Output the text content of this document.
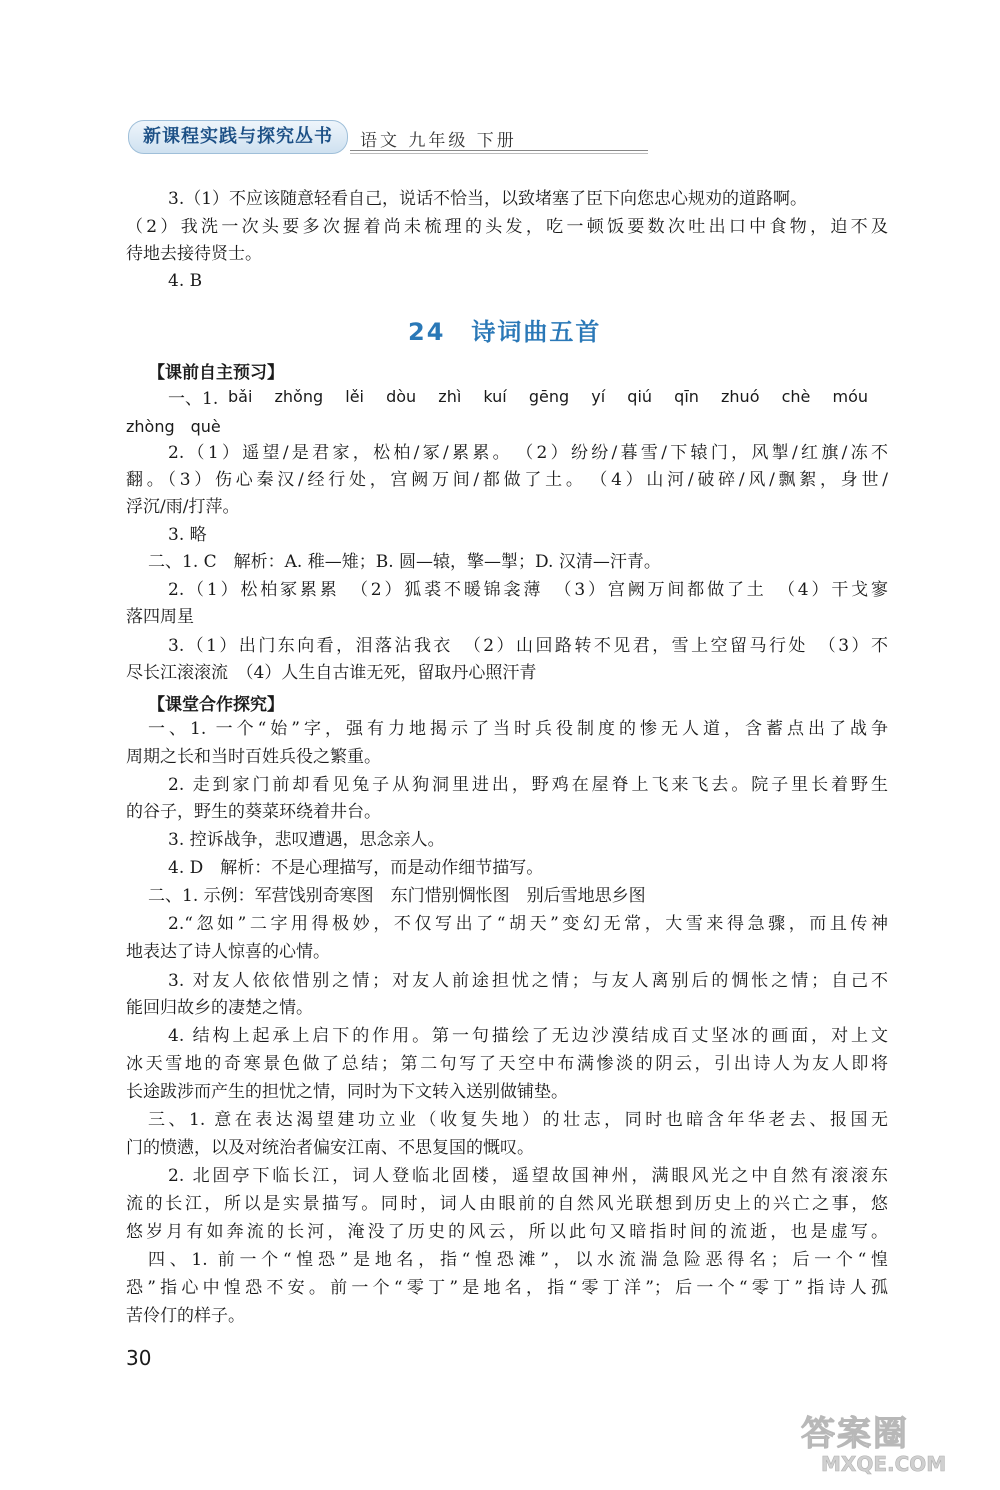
新课程实践与探究丛书	语文 九年级 下册
3.（1）不应该随意轻看自己，说话不恰当，以致堵塞了臣下向您忠心规劝的道路啊。
（2）我洗一次头要多次握着尚未梳理的头发，吃一顿饭要数次吐出口中食物，迫不及
待地去接待贤士。
4. B
24　诗词曲五首
【课前自主预习】
一、1. bǎi zhǒng lěi dòu zhì kuí gēng yí qiú qīn zhuó chè móu
zhòng　què
2.（1）遥望/是君家，松柏/冢/累累。　（2）纷纷/暮雪/下辕门，风掣/红旗/冻不
翻。（3）伤心秦汉/经行处，宫阙万间/都做了土。　（4）山河/破碎/风/飘絮，身世/
浮沉/雨/打萍。
3. 略
二、1. C　解析：A. 稚—雉；B. 圆—辕，擎—掣；D. 汉清—汗青。
2.（1）松柏冢累累　（2）狐裘不暖锦衾薄　（3）宫阙万间都做了土　（4）干戈寥
落四周星
3.（1）出门东向看，泪落沾我衣　（2）山回路转不见君，雪上空留马行处　（3）不
尽长江滚滚流　（4）人生自古谁无死，留取丹心照汗青
【课堂合作探究】
一、1. 一个“始”字，强有力地揭示了当时兵役制度的惨无人道，含蓄点出了战争
周期之长和当时百姓兵役之繁重。
2. 走到家门前却看见兔子从狗洞里进出，野鸡在屋脊上飞来飞去。院子里长着野生
的谷子，野生的葵菜环绕着井台。
3. 控诉战争，悲叹遭遇，思念亲人。
4. D　解析：不是心理描写，而是动作细节描写。
二、1. 示例：军营饯别奇寒图　东门惜别惆怅图　别后雪地思乡图
2.“忽如”二字用得极妙，不仅写出了“胡天”变幻无常，大雪来得急骤，而且传神
地表达了诗人惊喜的心情。
3. 对友人依依惜别之情；对友人前途担忧之情；与友人离别后的惆怅之情；自己不
能回归故乡的凄楚之情。
4. 结构上起承上启下的作用。第一句描绘了无边沙漠结成百丈坚冰的画面，对上文
冰天雪地的奇寒景色做了总结；第二句写了天空中布满惨淡的阴云，引出诗人为友人即将
长途跋涉而产生的担忧之情，同时为下文转入送别做铺垫。
三、1. 意在表达渴望建功立业（收复失地）的壮志，同时也暗含年华老去、报国无
门的愤懑，以及对统治者偏安江南、不思复国的慨叹。
2. 北固亭下临长江，词人登临北固楼，遥望故国神州，满眼风光之中自然有滚滚东
流的长江，所以是实景描写。同时，词人由眼前的自然风光联想到历史上的兴亡之事，悠
悠岁月有如奔流的长河，淹没了历史的风云，所以此句又暗指时间的流逝，也是虚写。
四、1. 前一个“惶恐”是地名，指“惶恐滩”，以水流湍急险恶得名；后一个“惶
恐”指心中惶恐不安。前一个“零丁”是地名，指“零丁洋”；后一个“零丁”指诗人孤
苦伶仃的样子。
30
答案圈
MXQE.COM
